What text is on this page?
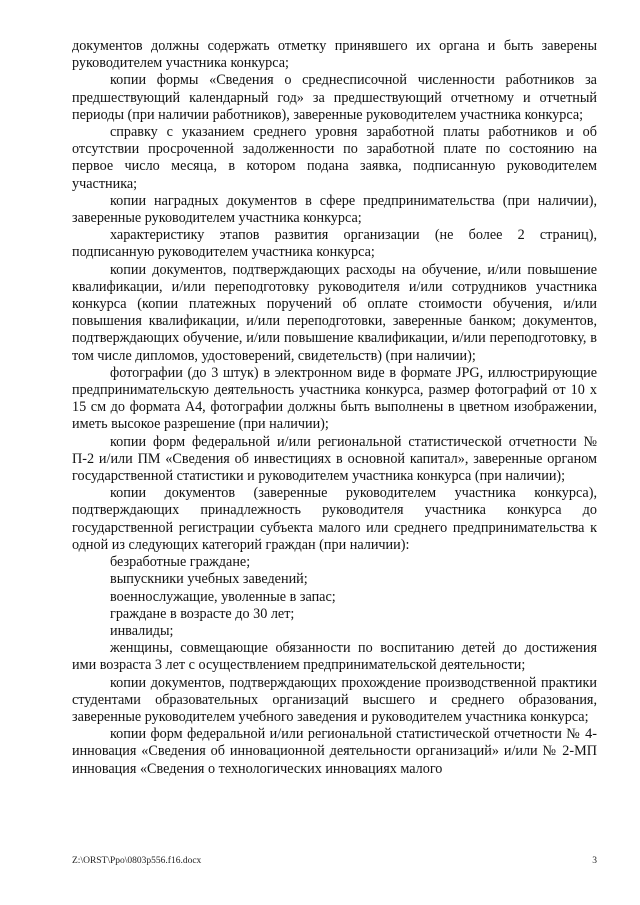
документов должны содержать отметку принявшего их органа и быть заверены руководителем участника конкурса;

копии формы «Сведения о среднесписочной численности работников за предшествующий календарный год» за предшествующий отчетному и отчетный периоды (при наличии работников), заверенные руководителем участника конкурса;

справку с указанием среднего уровня заработной платы работников и об отсутствии просроченной задолженности по заработной плате по состоянию на первое число месяца, в котором подана заявка, подписанную руководителем участника;

копии наградных документов в сфере предпринимательства (при наличии), заверенные руководителем участника конкурса;

характеристику этапов развития организации (не более 2 страниц), подписанную руководителем участника конкурса;

копии документов, подтверждающих расходы на обучение, и/или повышение квалификации, и/или переподготовку руководителя и/или сотрудников участника конкурса (копии платежных поручений об оплате стоимости обучения, и/или повышения квалификации, и/или переподготовки, заверенные банком; документов, подтверждающих обучение, и/или повышение квалификации, и/или переподготовку, в том числе дипломов, удостоверений, свидетельств) (при наличии);

фотографии (до 3 штук) в электронном виде в формате JPG, иллюстрирующие предпринимательскую деятельность участника конкурса, размер фотографий от 10 х 15 см до формата А4, фотографии должны быть выполнены в цветном изображении, иметь высокое разрешение (при наличии);

копии форм федеральной и/или региональной статистической отчетности № П-2 и/или ПМ «Сведения об инвестициях в основной капитал», заверенные органом государственной статистики и руководителем участника конкурса (при наличии);

копии документов (заверенные руководителем участника конкурса), подтверждающих принадлежность руководителя участника конкурса до государственной регистрации субъекта малого или среднего предпринимательства к одной из следующих категорий граждан (при наличии):

безработные граждане;

выпускники учебных заведений;

военнослужащие, уволенные в запас;

граждане в возрасте до 30 лет;

инвалиды;

женщины, совмещающие обязанности по воспитанию детей до достижения ими возраста 3 лет с осуществлением предпринимательской деятельности;

копии документов, подтверждающих прохождение производственной практики студентами образовательных организаций высшего и среднего образования, заверенные руководителем учебного заведения и руководителем участника конкурса;

копии форм федеральной и/или региональной статистической отчетности № 4-инновация «Сведения об инновационной деятельности организаций» и/или № 2-МП инновация «Сведения о технологических инновациях малого

Z:\ORST\Ppo\0803p556.f16.docx	3
